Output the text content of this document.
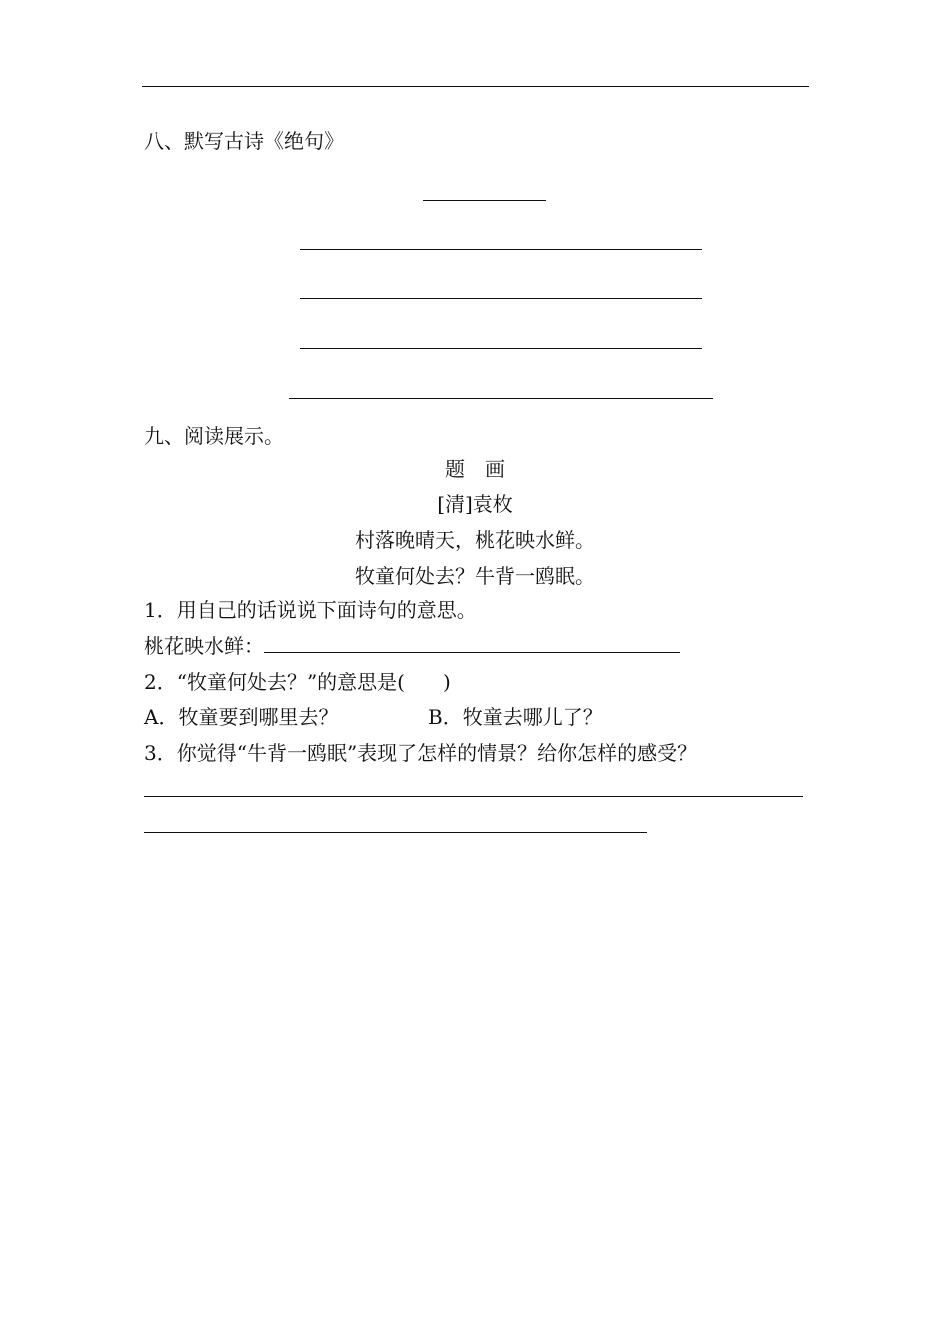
八、默写古诗《绝句》
九、阅读展示。
题　画
[清]袁枚
村落晚晴天，桃花映水鲜。
牧童何处去？牛背一鸥眠。
1．用自己的话说说下面诗句的意思。
桃花映水鲜：
2．“牧童何处去？”的意思是( )
A．牧童要到哪里去？	B．牧童去哪儿了？
3．你觉得“牛背一鸥眠”表现了怎样的情景？给你怎样的感受？
